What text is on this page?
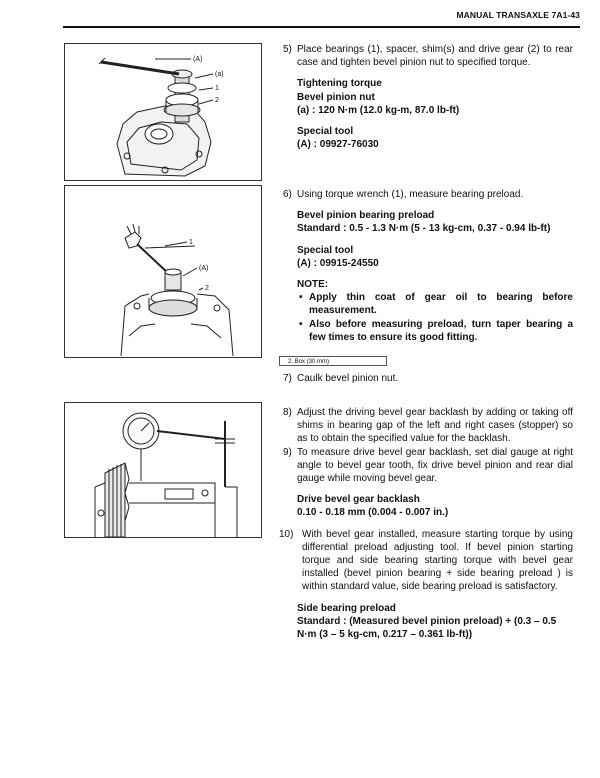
MANUAL TRANSAXLE 7A1-43
(A)
(a)
1
2
1
(A)
2

5) Place bearings (1), spacer, shim(s) and drive gear (2) to rear case and tighten bevel pinion nut to specified torque.

Tightening torque

Bevel pinion nut

(a) : 120 N·m (12.0 kg-m, 87.0 lb-ft)

Special tool

(A) : 09927-76030

6) Using torque wrench (1), measure bearing preload.

Bevel pinion bearing preload

Standard : 0.5 - 1.3 N·m (5 - 13 kg-cm, 0.37 - 0.94 lb-ft)

Special tool

(A) : 09915-24550

NOTE:

• Apply thin coat of gear oil to bearing before measurement.
• Also before measuring preload, turn taper bearing a few times to ensure its good fitting.
2. Box (30 mm)

7) Caulk bevel pinion nut.

8) Adjust the driving bevel gear backlash by adding or taking off shims in bearing gap of the left and right cases (stopper) so as to obtain the specified value for the backlash.

9) To measure drive bevel gear backlash, set dial gauge at right angle to bevel gear tooth, fix drive bevel pinion and rear dial gauge while moving bevel gear.

Drive bevel gear backlash

0.10 - 0.18 mm (0.004 - 0.007 in.)

10) With bevel gear installed, measure starting torque by using differential preload adjusting tool. If bevel pinion starting torque and side bearing starting torque with bevel gear installed (bevel pinion bearing + side bearing preload ) is within standard value, side bearing preload is satisfactory.

Side bearing preload

Standard : (Measured bevel pinion preload) + (0.3 – 0.5 N·m (3 – 5 kg-cm, 0.217 – 0.361 lb-ft))
